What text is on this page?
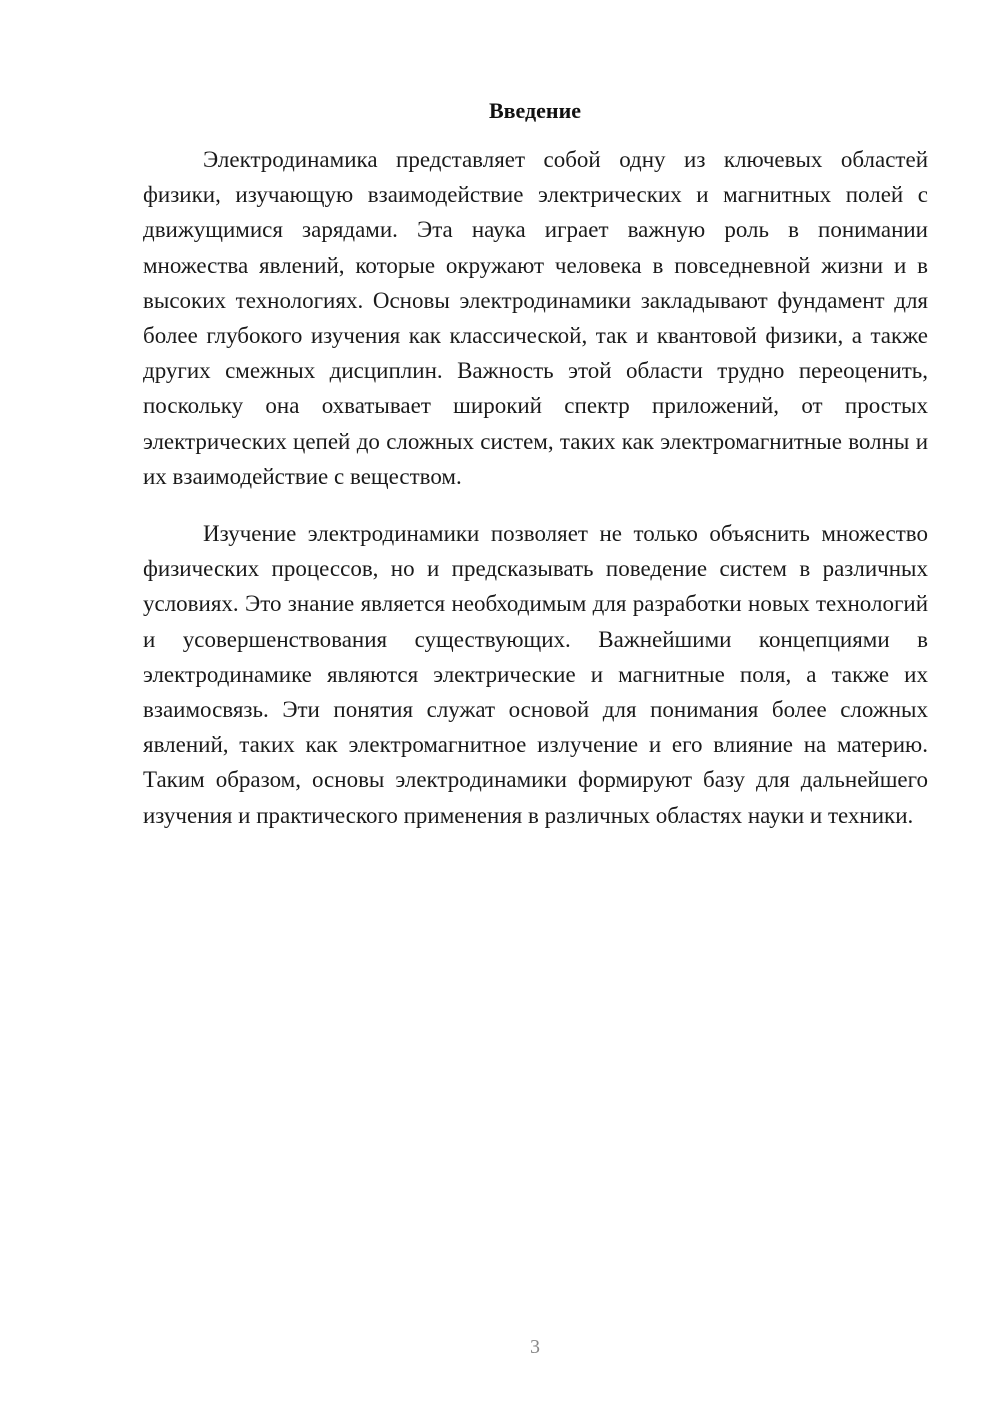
Введение

Электродинамика представляет собой одну из ключевых областей физики, изучающую взаимодействие электрических и магнитных полей с движущимися зарядами. Эта наука играет важную роль в понимании множества явлений, которые окружают человека в повседневной жизни и в высоких технологиях. Основы электродинамики закладывают фундамент для более глубокого изучения как классической, так и квантовой физики, а также других смежных дисциплин. Важность этой области трудно переоценить, поскольку она охватывает широкий спектр приложений, от простых электрических цепей до сложных систем, таких как электромагнитные волны и их взаимодействие с веществом.

Изучение электродинамики позволяет не только объяснить множество физических процессов, но и предсказывать поведение систем в различных условиях. Это знание является необходимым для разработки новых технологий и усовершенствования существующих. Важнейшими концепциями в электродинамике являются электрические и магнитные поля, а также их взаимосвязь. Эти понятия служат основой для понимания более сложных явлений, таких как электромагнитное излучение и его влияние на материю. Таким образом, основы электродинамики формируют базу для дальнейшего изучения и практического применения в различных областях науки и техники.

3
